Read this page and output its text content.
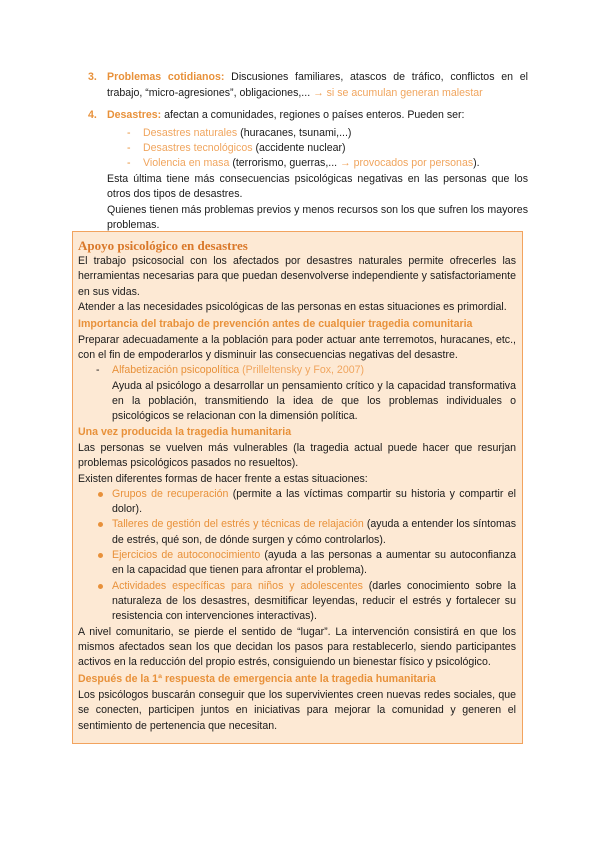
3. Problemas cotidianos: Discusiones familiares, atascos de tráfico, conflictos en el trabajo, “micro-agresiones”, obligaciones,... → si se acumulan generan malestar
4. Desastres: afectan a comunidades, regiones o países enteros. Pueden ser:
- Desastres naturales (huracanes, tsunami,...)
- Desastres tecnológicos (accidente nuclear)
- Violencia en masa (terrorismo, guerras,... → provocados por personas).
Esta última tiene más consecuencias psicológicas negativas en las personas que los otros dos tipos de desastres.
Quienes tienen más problemas previos y menos recursos son los que sufren los mayores problemas.
Apoyo psicológico en desastres

El trabajo psicosocial con los afectados por desastres naturales permite ofrecerles las herramientas necesarias para que puedan desenvolverse independiente y satisfactoriamente en sus vidas.

Atender a las necesidades psicológicas de las personas en estas situaciones es primordial.

Importancia del trabajo de prevención antes de cualquier tragedia comunitaria

Preparar adecuadamente a la población para poder actuar ante terremotos, huracanes, etc., con el fin de empoderarlos y disminuir las consecuencias negativas del desastre.

- Alfabetización psicopolítica (Prilleltensky y Fox, 2007)
Ayuda al psicólogo a desarrollar un pensamiento crítico y la capacidad transformativa en la población, transmitiendo la idea de que los problemas individuales o psicológicos se relacionan con la dimensión política.
Una vez producida la tragedia humanitaria

Las personas se vuelven más vulnerables (la tragedia actual puede hacer que resurjan problemas psicológicos pasados no resueltos).

Existen diferentes formas de hacer frente a estas situaciones:

Grupos de recuperación (permite a las víctimas compartir su historia y compartir el dolor).
Talleres de gestión del estrés y técnicas de relajación (ayuda a entender los síntomas de estrés, qué son, de dónde surgen y cómo controlarlos).
Ejercicios de autoconocimiento (ayuda a las personas a aumentar su autoconfianza en la capacidad que tienen para afrontar el problema).
Actividades específicas para niños y adolescentes (darles conocimiento sobre la naturaleza de los desastres, desmitificar leyendas, reducir el estrés y fortalecer su resistencia con intervenciones interactivas).

A nivel comunitario, se pierde el sentido de “lugar”. La intervención consistirá en que los mismos afectados sean los que decidan los pasos para restablecerlo, siendo participantes activos en la reducción del propio estrés, consiguiendo un bienestar físico y psicológico.

Después de la 1ª respuesta de emergencia ante la tragedia humanitaria

Los psicólogos buscarán conseguir que los supervivientes creen nuevas redes sociales, que se conecten, participen juntos en iniciativas para mejorar la comunidad y generen el sentimiento de pertenencia que necesitan.
